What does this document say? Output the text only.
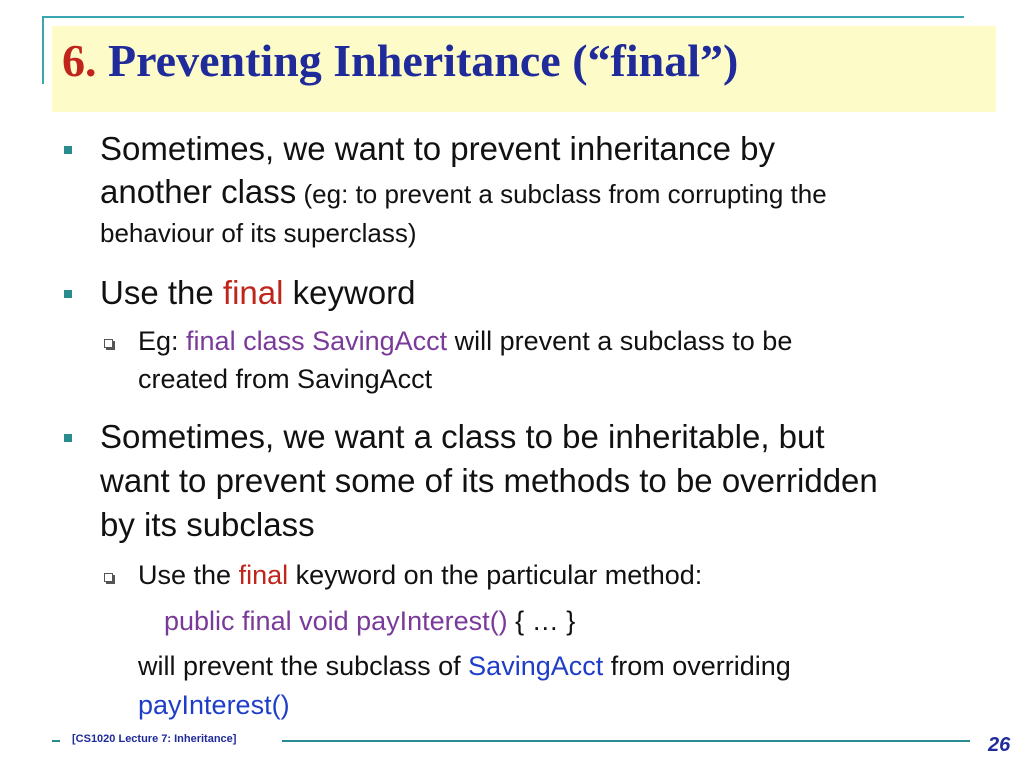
6. Preventing Inheritance (“final”)
Sometimes, we want to prevent inheritance by
another class (eg: to prevent a subclass from corrupting the
behaviour of its superclass)
Use the final keyword
Eg: final class SavingAcct will prevent a subclass to be
created from SavingAcct
Sometimes, we want a class to be inheritable, but
want to prevent some of its methods to be overridden
by its subclass
Use the final keyword on the particular method:
public final void payInterest() { … }
will prevent the subclass of SavingAcct from overriding
payInterest()
[CS1020 Lecture 7: Inheritance]	26
